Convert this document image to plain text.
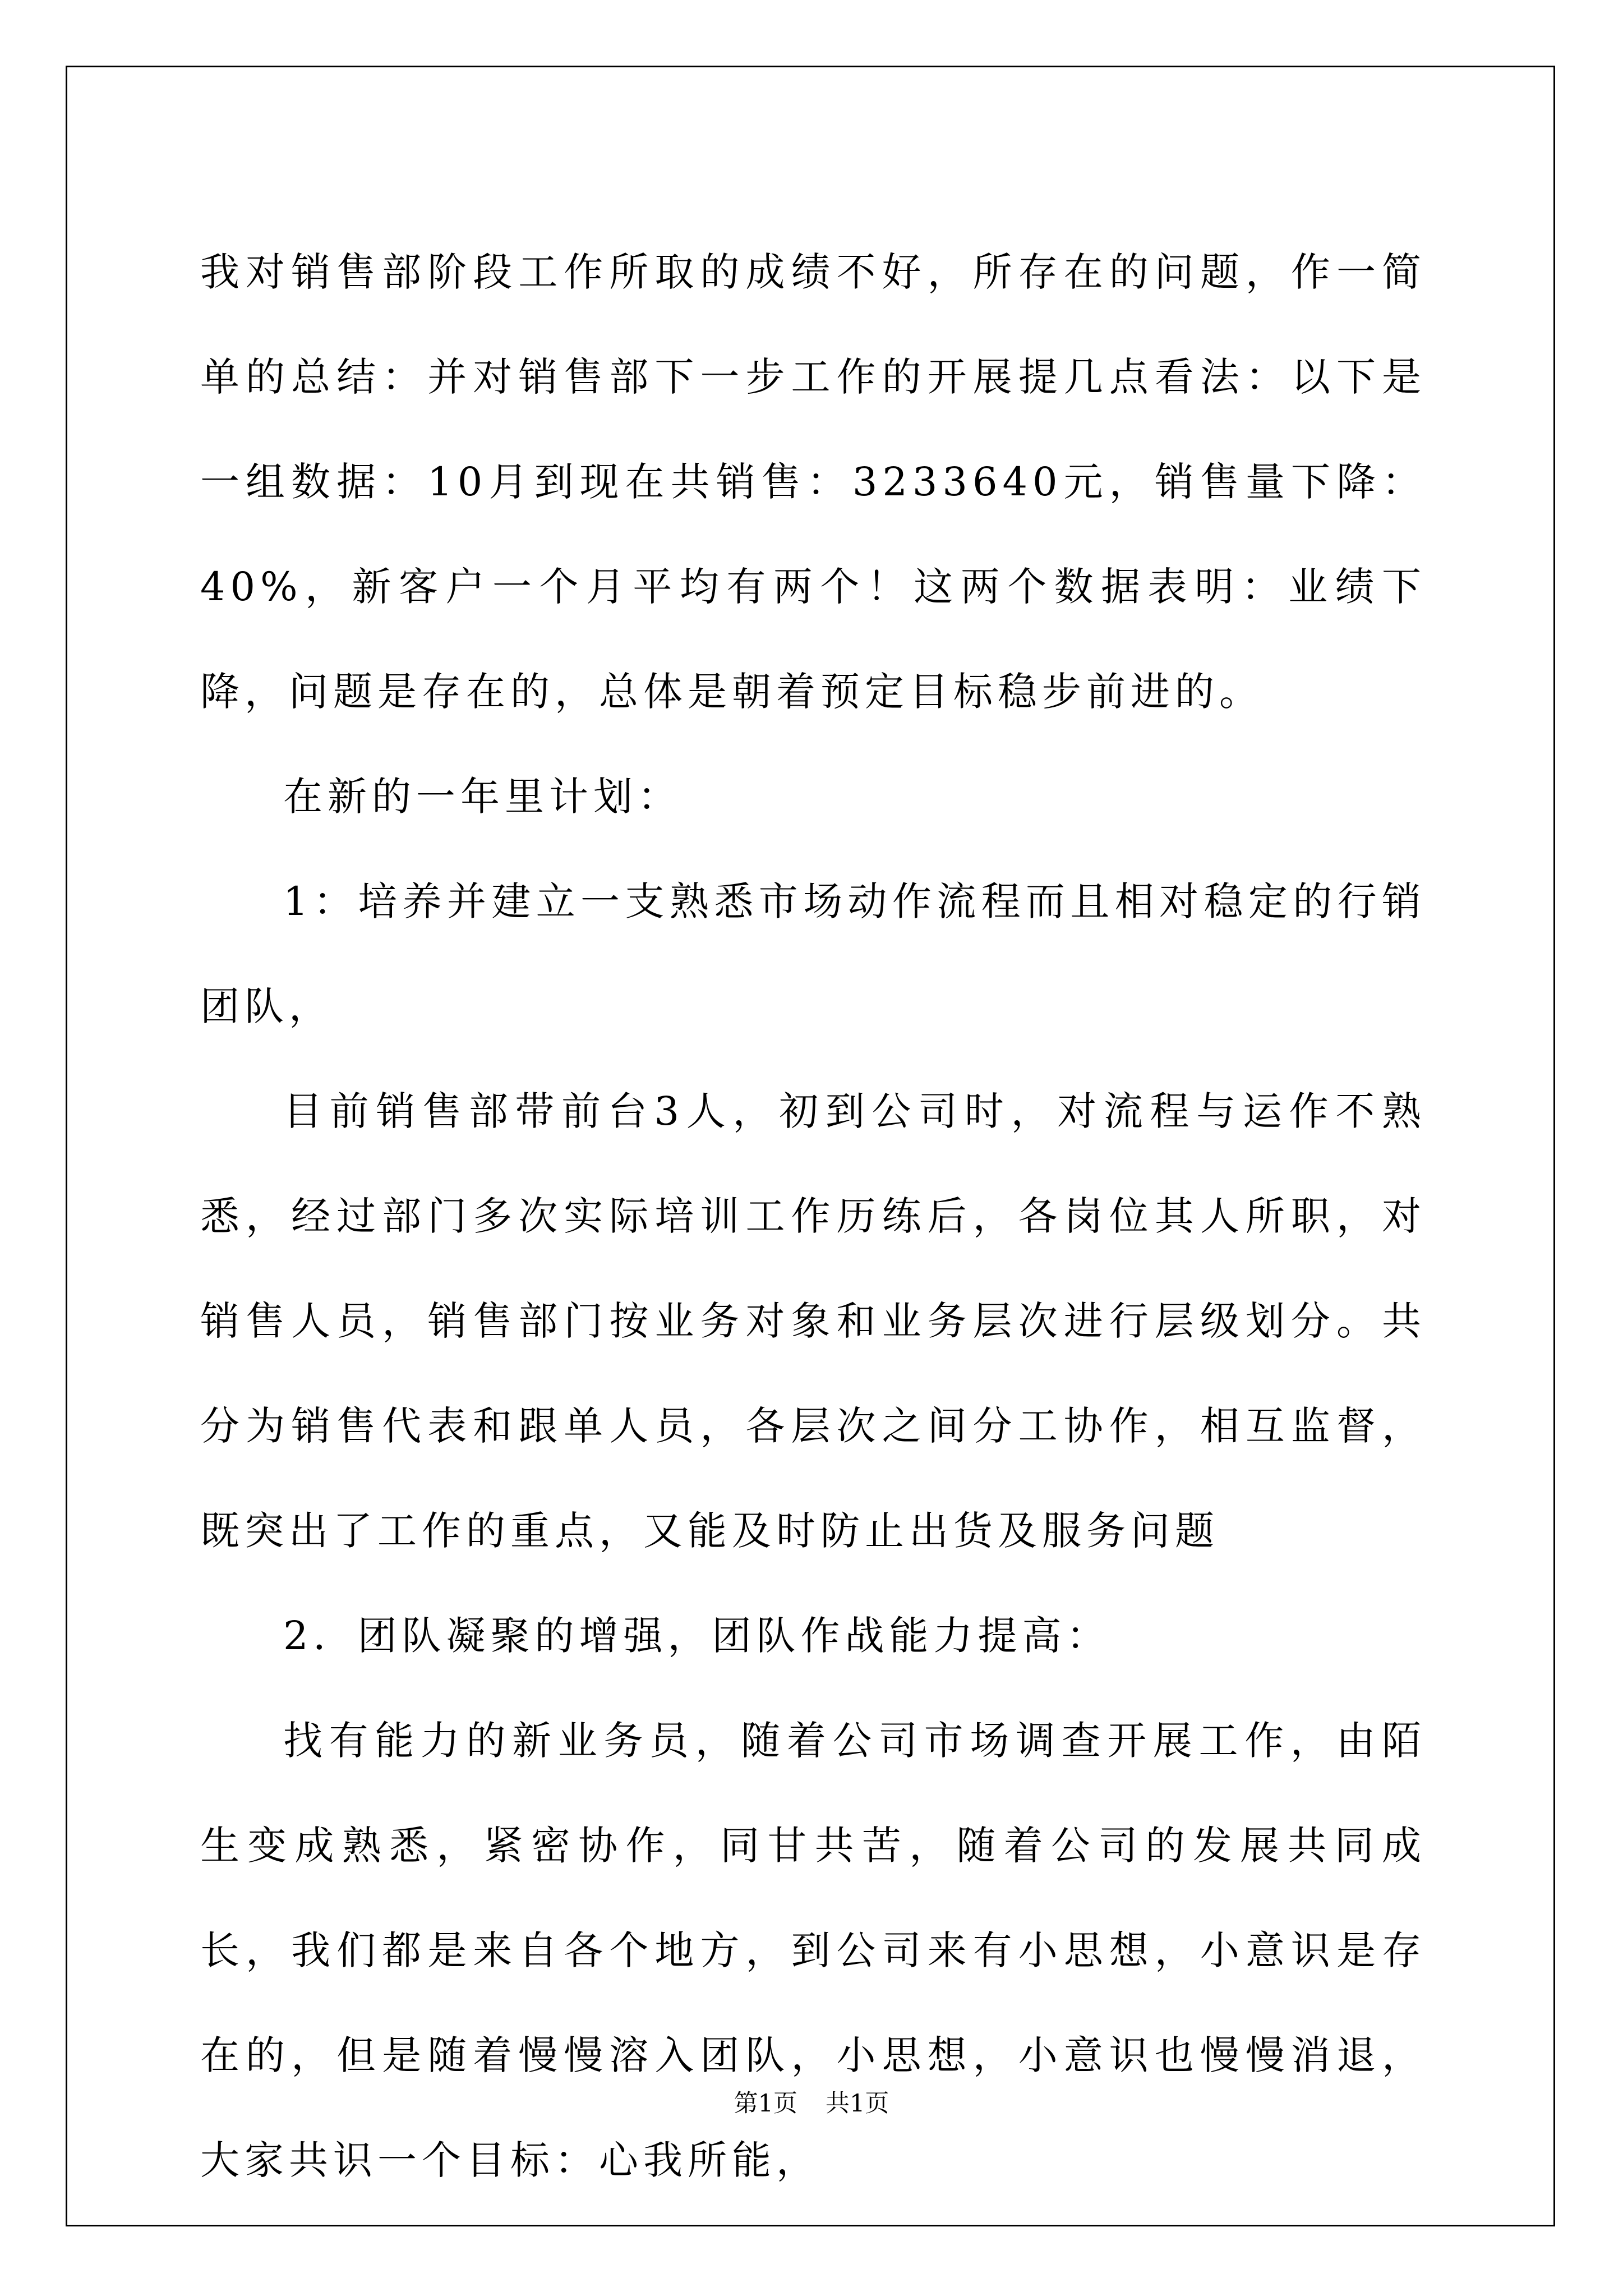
我对销售部阶段工作所取的成绩不好，所存在的问题，作一简单的总结：并对销售部下一步工作的开展提几点看法：以下是一组数据：10月到现在共销售：3233640元，销售量下降：40%，新客户一个月平均有两个！这两个数据表明：业绩下降，问题是存在的，总体是朝着预定目标稳步前进的。

在新的一年里计划：

1：培养并建立一支熟悉市场动作流程而且相对稳定的行销团队，

目前销售部带前台3人，初到公司时，对流程与运作不熟悉，经过部门多次实际培训工作历练后，各岗位其人所职，对销售人员，销售部门按业务对象和业务层次进行层级划分。共分为销售代表和跟单人员，各层次之间分工协作，相互监督，既突出了工作的重点，又能及时防止出货及服务问题

2．团队凝聚的增强，团队作战能力提高：

找有能力的新业务员，随着公司市场调查开展工作，由陌生变成熟悉，紧密协作，同甘共苦，随着公司的发展共同成长，我们都是来自各个地方，到公司来有小思想，小意识是存在的，但是随着慢慢溶入团队，小思想，小意识也慢慢消退，大家共识一个目标：心我所能，

第1页 共1页
